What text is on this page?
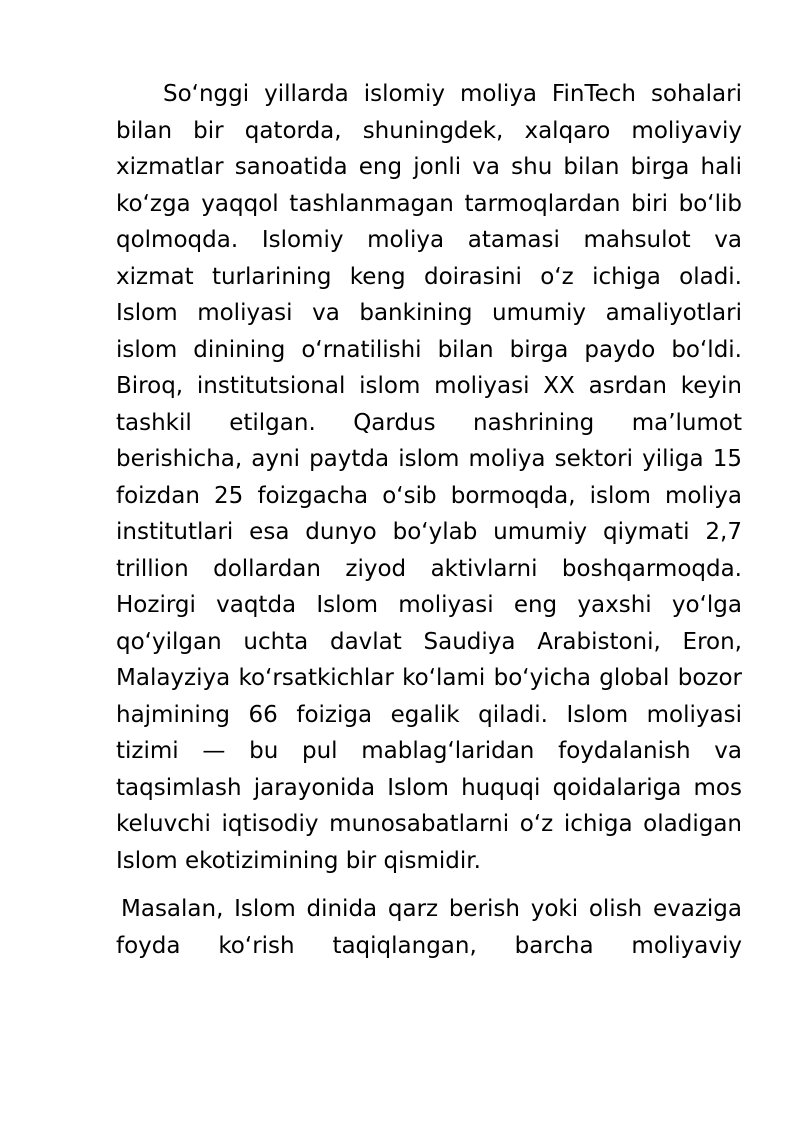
So‘nggi yillarda islomiy moliya FinTech sohalari bilan bir qatorda, shuningdek, xalqaro moliyaviy xizmatlar sanoatida eng jonli va shu bilan birga hali ko‘zga yaqqol tashlanmagan tarmoqlardan biri bo‘lib qolmoqda. Islomiy moliya atamasi mahsulot va xizmat turlarining keng doirasini o‘z ichiga oladi. Islom moliyasi va bankining umumiy amaliyotlari islom dinining o‘rnatilishi bilan birga paydo bo‘ldi. Biroq, institutsional islom moliyasi XX asrdan keyin tashkil etilgan. Qardus nashrining ma’lumot berishicha, ayni paytda islom moliya sektori yiliga 15 foizdan 25 foizgacha o‘sib bormoqda, islom moliya institutlari esa dunyo bo‘ylab umumiy qiymati 2,7 trillion dollardan ziyod aktivlarni boshqarmoqda. Hozirgi vaqtda Islom moliyasi eng yaxshi yo‘lga qo‘yilgan uchta davlat Saudiya Arabistoni, Eron, Malayziya ko‘rsatkichlar ko‘lami bo‘yicha global bozor hajmining 66 foiziga egalik qiladi. Islom moliyasi tizimi — bu pul mablag‘laridan foydalanish va taqsimlash jarayonida Islom huquqi qoidalariga mos keluvchi iqtisodiy munosabatlarni o‘z ichiga oladigan Islom ekotizimining bir qismidir.

Masalan, Islom dinida qarz berish yoki olish evaziga foyda ko‘rish taqiqlangan, barcha moliyaviy
